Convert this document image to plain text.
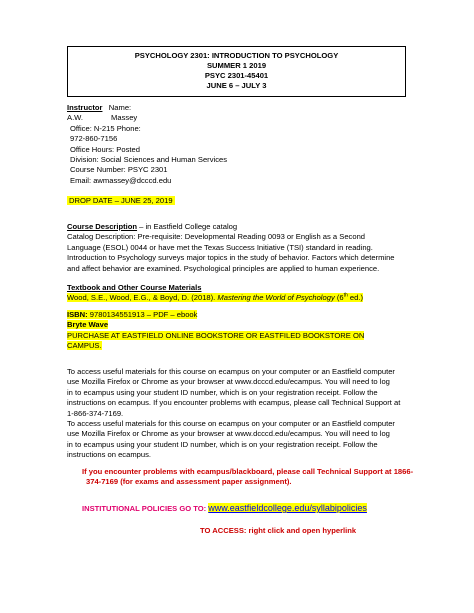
PSYCHOLOGY 2301: INTRODUCTION TO PSYCHOLOGY
SUMMER 1 2019
PSYC 2301-45401
JUNE 6 – JULY 3
Instructor Name:
A.W.	Massey
Office: N-215 Phone:
972-860-7156
Office Hours: Posted
Division: Social Sciences and Human Services
Course Number: PSYC 2301
Email: awmassey@dcccd.edu
DROP DATE – JUNE 25, 2019
Course Description – in Eastfield College catalog
Catalog Description: Pre-requisite: Developmental Reading 0093 or English as a Second
Language (ESOL) 0044 or have met the Texas Success Initiative (TSI) standard in reading.
Introduction to Psychology surveys major topics in the study of behavior. Factors which determine
and affect behavior are examined. Psychological principles are applied to human experience.
Textbook and Other Course Materials
Wood, S.E., Wood, E.G., & Boyd, D. (2018). Mastering the World of Psychology (6th ed.)
ISBN: 9780134551913 – PDF – ebook
Bryte Wave
PURCHASE AT EASTFIELD ONLINE BOOKSTORE OR EASTFILED BOOKSTORE ON
CAMPUS.
To access useful materials for this course on ecampus on your computer or an Eastfield computer
use Mozilla Firefox or Chrome as your browser at www.dcccd.edu/ecampus. You will need to log
in to ecampus using your student ID number, which is on your registration receipt. Follow the
instructions on ecampus. If you encounter problems with ecampus, please call Technical Support at
1-866-374-7169.
To access useful materials for this course on ecampus on your computer or an Eastfield computer
use Mozilla Firefox or Chrome as your browser at www.dcccd.edu/ecampus. You will need to log
in to ecampus using your student ID number, which is on your registration receipt. Follow the
instructions on ecampus.
If you encounter problems with ecampus/blackboard, please call Technical Support at 1866-
374-7169 (for exams and assessment paper assignment).
INSTITUTIONAL POLICIES GO TO: www.eastfieldcollege.edu/syllabipolicies
TO ACCESS: right click and open hyperlink
